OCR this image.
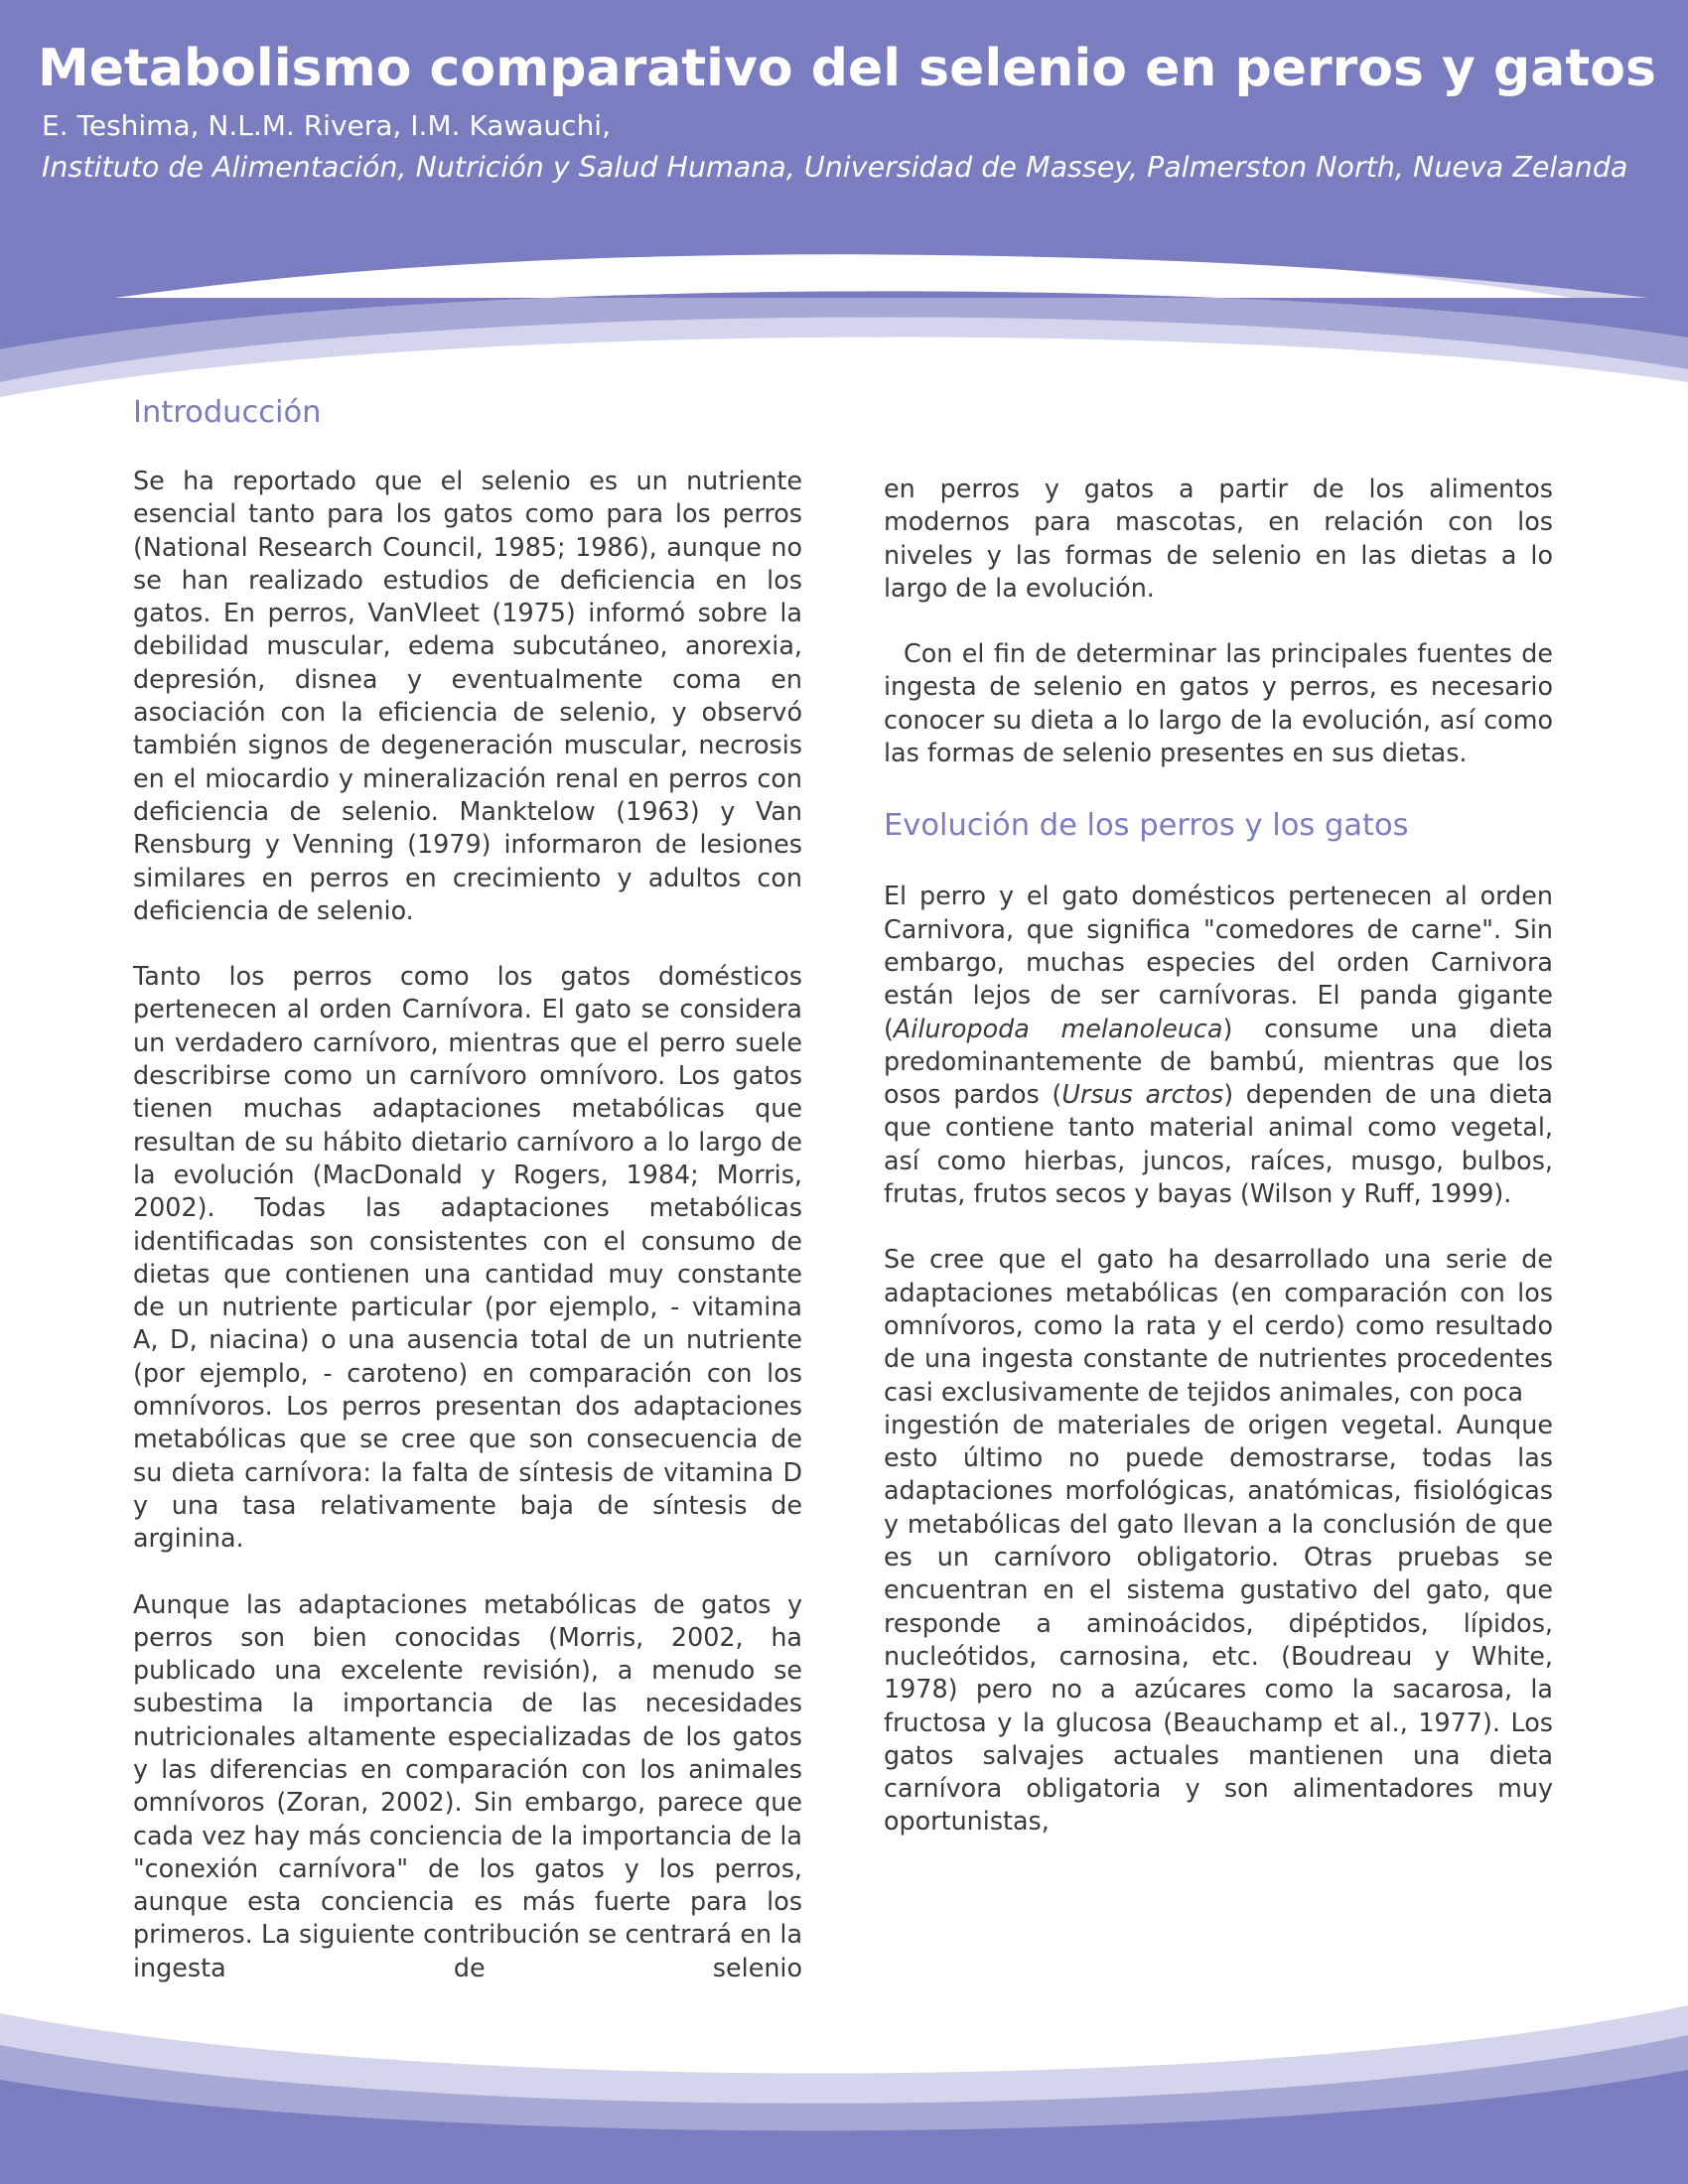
Metabolismo comparativo del selenio en perros y gatos
E. Teshima, N.L.M. Rivera, I.M. Kawauchi,
Instituto de Alimentación, Nutrición y Salud Humana, Universidad de Massey, Palmerston North, Nueva Zelanda
Introducción

Se ha reportado que el selenio es un nutriente esencial tanto para los gatos como para los perros (National Research Council, 1985; 1986), aunque no se han realizado estudios de deficiencia en los gatos. En perros, VanVleet (1975) informó sobre la debilidad muscular, edema subcutáneo, anorexia, depresión, disnea y eventualmente coma en asociación con la eficiencia de selenio, y observó también signos de degeneración muscular, necrosis en el miocardio y mineralización renal en perros con deficiencia de selenio. Manktelow (1963) y Van Rensburg y Venning (1979) informaron de lesiones similares en perros en crecimiento y adultos con deficiencia de selenio.

Tanto los perros como los gatos domésticos pertenecen al orden Carnívora. El gato se considera un verdadero carnívoro, mientras que el perro suele describirse como un carnívoro omnívoro. Los gatos tienen muchas adaptaciones metabólicas que resultan de su hábito dietario carnívoro a lo largo de la evolución (MacDonald y Rogers, 1984; Morris, 2002). Todas las adaptaciones metabólicas identificadas son consistentes con el consumo de dietas que contienen una cantidad muy constante de un nutriente particular (por ejemplo, - vitamina A, D, niacina) o una ausencia total de un nutriente (por ejemplo, - caroteno) en comparación con los omnívoros. Los perros presentan dos adaptaciones metabólicas que se cree que son consecuencia de su dieta carnívora: la falta de síntesis de vitamina D y una tasa relativamente baja de síntesis de arginina.

Aunque las adaptaciones metabólicas de gatos y perros son bien conocidas (Morris, 2002, ha publicado una excelente revisión), a menudo se subestima la importancia de las necesidades nutricionales altamente especializadas de los gatos y las diferencias en comparación con los animales omnívoros (Zoran, 2002). Sin embargo, parece que cada vez hay más conciencia de la importancia de la "conexión carnívora" de los gatos y los perros, aunque esta conciencia es más fuerte para los primeros. La siguiente contribución se centrará en la ingesta de selenio

en perros y gatos a partir de los alimentos modernos para mascotas, en relación con los niveles y las formas de selenio en las dietas a lo largo de la evolución.

Con el fin de determinar las principales fuentes de ingesta de selenio en gatos y perros, es necesario conocer su dieta a lo largo de la evolución, así como las formas de selenio presentes en sus dietas.

Evolución de los perros y los gatos

El perro y el gato domésticos pertenecen al orden Carnivora, que significa "comedores de carne". Sin embargo, muchas especies del orden Carnivora están lejos de ser carnívoras. El panda gigante (Ailuropoda melanoleuca) consume una dieta predominantemente de bambú, mientras que los osos pardos (Ursus arctos) dependen de una dieta que contiene tanto material animal como vegetal, así como hierbas, juncos, raíces, musgo, bulbos, frutas, frutos secos y bayas (Wilson y Ruff, 1999).

Se cree que el gato ha desarrollado una serie de adaptaciones metabólicas (en comparación con los omnívoros, como la rata y el cerdo) como resultado de una ingesta constante de nutrientes procedentes casi exclusivamente de tejidos animales, con poca

ingestión de materiales de origen vegetal. Aunque esto último no puede demostrarse, todas las adaptaciones morfológicas, anatómicas, fisiológicas y metabólicas del gato llevan a la conclusión de que es un carnívoro obligatorio. Otras pruebas se encuentran en el sistema gustativo del gato, que responde a aminoácidos, dipéptidos, lípidos, nucleótidos, carnosina, etc. (Boudreau y White, 1978) pero no a azúcares como la sacarosa, la fructosa y la glucosa (Beauchamp et al., 1977). Los gatos salvajes actuales mantienen una dieta carnívora obligatoria y son alimentadores muy oportunistas,
